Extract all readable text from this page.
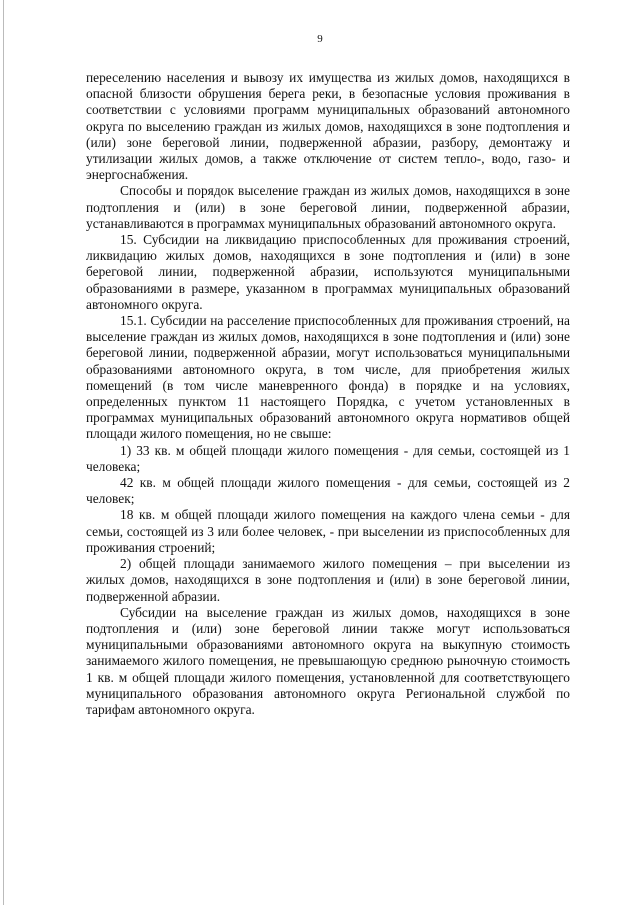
9

переселению населения и вывозу их имущества из жилых домов, находящихся в опасной близости обрушения берега реки, в безопасные условия проживания в соответствии с условиями программ муниципальных образований автономного округа по выселению граждан из жилых домов, находящихся в зоне подтопления и (или) зоне береговой линии, подверженной абразии, разбору, демонтажу и утилизации жилых домов, а также отключение от систем тепло-, водо, газо- и энергоснабжения.

Способы и порядок выселение граждан из жилых домов, находящихся в зоне подтопления и (или) в зоне береговой линии, подверженной абразии, устанавливаются в программах муниципальных образований автономного округа.

15. Субсидии на ликвидацию приспособленных для проживания строений, ликвидацию жилых домов, находящихся в зоне подтопления и (или) в зоне береговой линии, подверженной абразии, используются муниципальными образованиями в размере, указанном в программах муниципальных образований автономного округа.

15.1. Субсидии на расселение приспособленных для проживания строений, на выселение граждан из жилых домов, находящихся в зоне подтопления и (или) зоне береговой линии, подверженной абразии, могут использоваться муниципальными образованиями автономного округа, в том числе, для приобретения жилых помещений (в том числе маневренного фонда) в порядке и на условиях, определенных пунктом 11 настоящего Порядка, с учетом установленных в программах муниципальных образований автономного округа нормативов общей площади жилого помещения, но не свыше:

1) 33 кв. м общей площади жилого помещения - для семьи, состоящей из 1 человека;

42 кв. м общей площади жилого помещения - для семьи, состоящей из 2 человек;

18 кв. м общей площади жилого помещения на каждого члена семьи - для семьи, состоящей из 3 или более человек, - при выселении из приспособленных для проживания строений;

2) общей площади занимаемого жилого помещения – при выселении из жилых домов, находящихся в зоне подтопления и (или) в зоне береговой линии, подверженной абразии.

Субсидии на выселение граждан из жилых домов, находящихся в зоне подтопления и (или) зоне береговой линии также могут использоваться муниципальными образованиями автономного округа на выкупную стоимость занимаемого жилого помещения, не превышающую среднюю рыночную стоимость 1 кв. м общей площади жилого помещения, установленной для соответствующего муниципального образования автономного округа Региональной службой по тарифам автономного округа.
